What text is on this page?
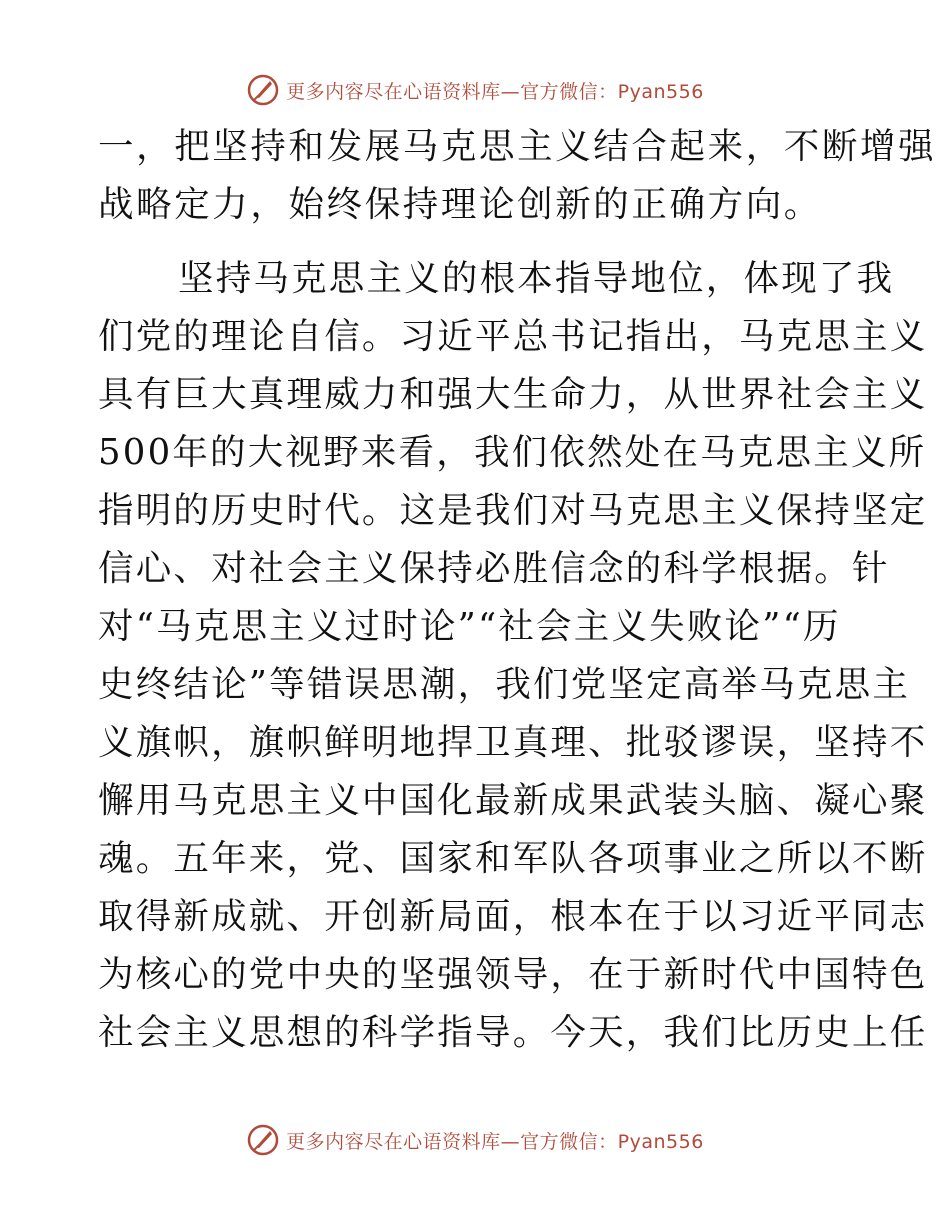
更多内容尽在心语资料库—官方微信：Pyan556
一，把坚持和发展马克思主义结合起来，不断增强
战略定力，始终保持理论创新的正确方向。
坚持马克思主义的根本指导地位，体现了我
们党的理论自信。习近平总书记指出，马克思主义
具有巨大真理威力和强大生命力，从世界社会主义
500年的大视野来看，我们依然处在马克思主义所
指明的历史时代。这是我们对马克思主义保持坚定
信心、对社会主义保持必胜信念的科学根据。针
对“马克思主义过时论”“社会主义失败论”“历
史终结论”等错误思潮，我们党坚定高举马克思主
义旗帜，旗帜鲜明地捍卫真理、批驳谬误，坚持不
懈用马克思主义中国化最新成果武装头脑、凝心聚
魂。五年来，党、国家和军队各项事业之所以不断
取得新成就、开创新局面，根本在于以习近平同志
为核心的党中央的坚强领导，在于新时代中国特色
社会主义思想的科学指导。今天，我们比历史上任
更多内容尽在心语资料库—官方微信：Pyan556
